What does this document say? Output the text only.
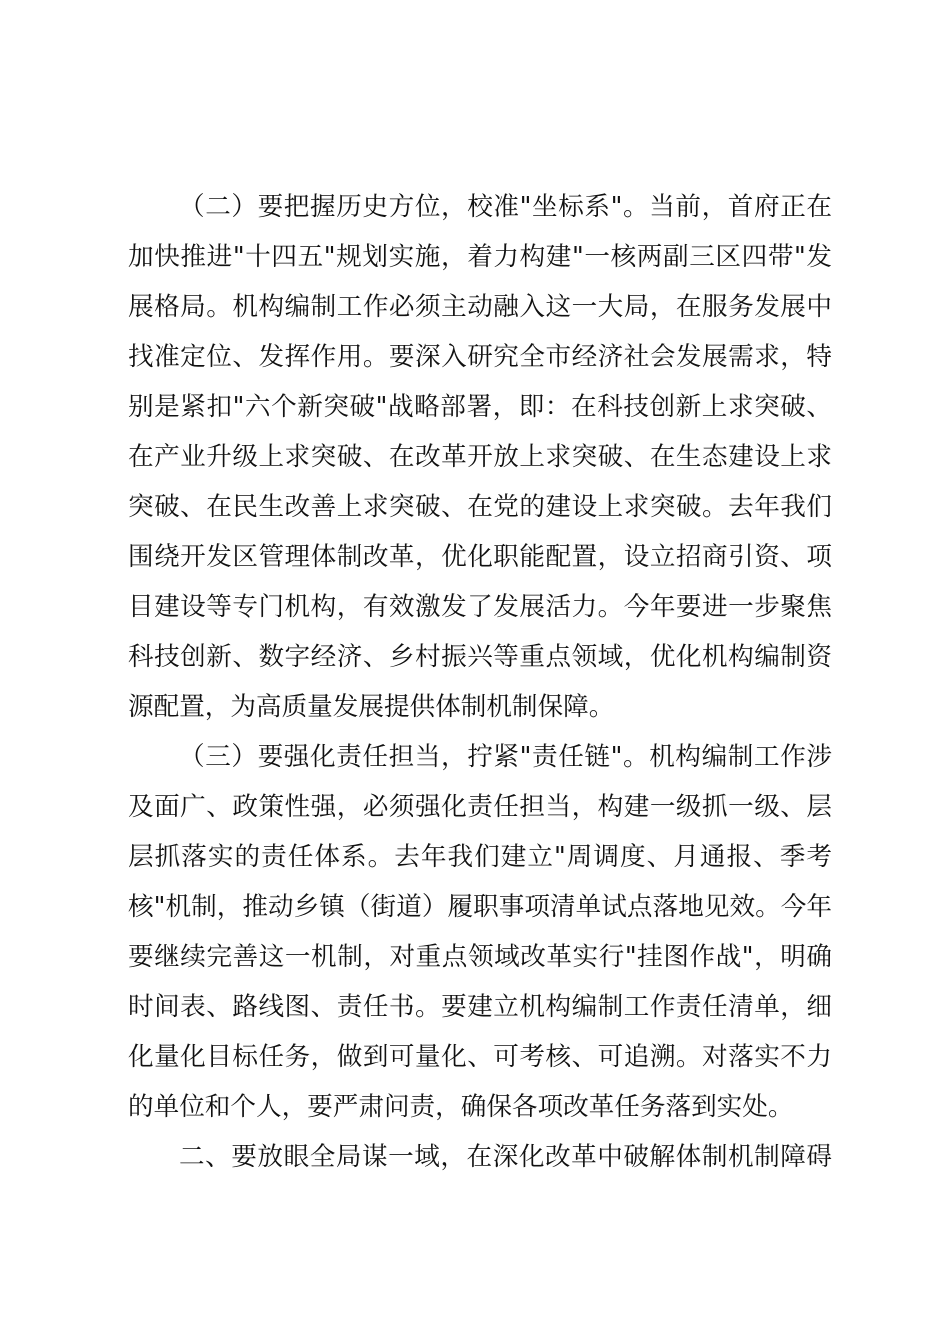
（二）要把握历史方位，校准"坐标系"。当前，首府正在
加快推进"十四五"规划实施，着力构建"一核两副三区四带"发
展格局。机构编制工作必须主动融入这一大局，在服务发展中
找准定位、发挥作用。要深入研究全市经济社会发展需求，特
别是紧扣"六个新突破"战略部署，即：在科技创新上求突破、
在产业升级上求突破、在改革开放上求突破、在生态建设上求
突破、在民生改善上求突破、在党的建设上求突破。去年我们
围绕开发区管理体制改革，优化职能配置，设立招商引资、项
目建设等专门机构，有效激发了发展活力。今年要进一步聚焦
科技创新、数字经济、乡村振兴等重点领域，优化机构编制资
源配置，为高质量发展提供体制机制保障。
（三）要强化责任担当，拧紧"责任链"。机构编制工作涉
及面广、政策性强，必须强化责任担当，构建一级抓一级、层
层抓落实的责任体系。去年我们建立"周调度、月通报、季考
核"机制，推动乡镇（街道）履职事项清单试点落地见效。今年
要继续完善这一机制，对重点领域改革实行"挂图作战"，明确
时间表、路线图、责任书。要建立机构编制工作责任清单，细
化量化目标任务，做到可量化、可考核、可追溯。对落实不力
的单位和个人，要严肃问责，确保各项改革任务落到实处。
二、要放眼全局谋一域，在深化改革中破解体制机制障碍
